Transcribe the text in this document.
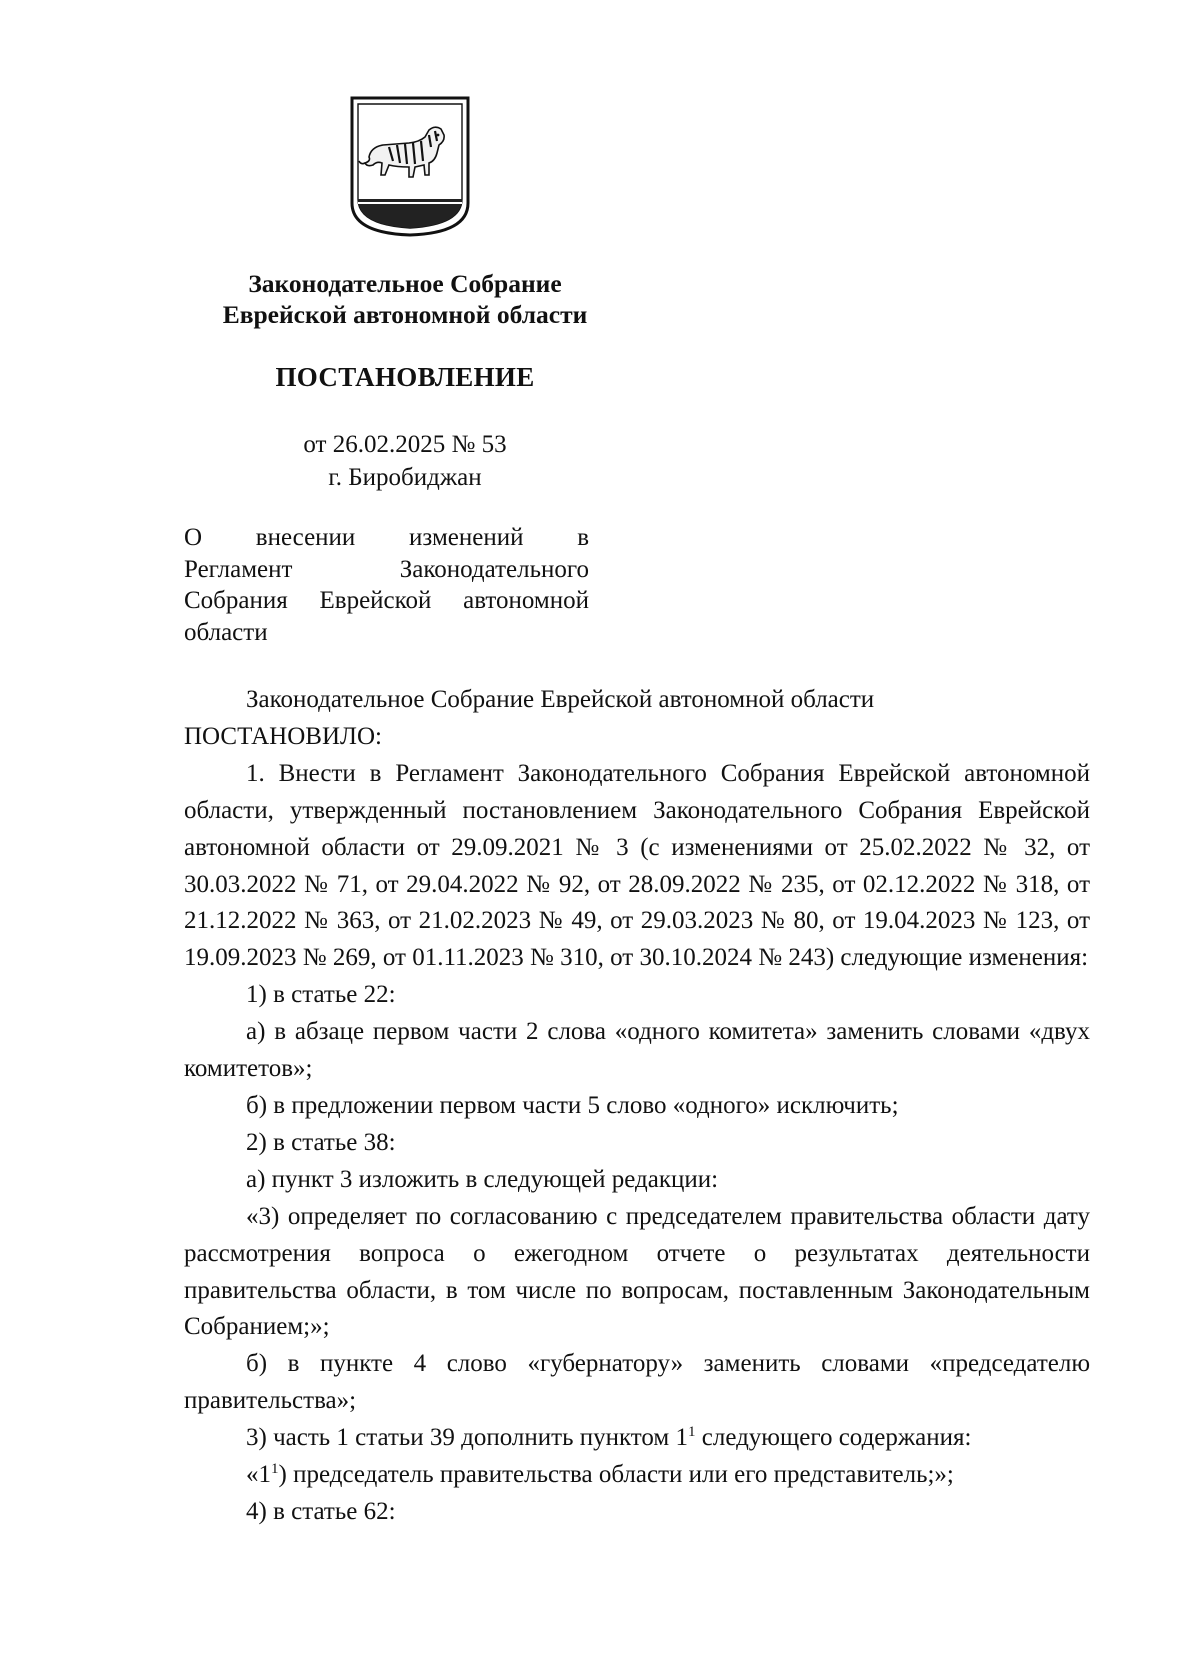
Законодательное Собрание
Еврейской автономной области
ПОСТАНОВЛЕНИЕ
от 26.02.2025 № 53
г. Биробиджан
О внесении изменений в
Регламент Законодательного
Собрания Еврейской автономной
области

Законодательное Собрание Еврейской автономной области

ПОСТАНОВИЛО:

1. Внести в Регламент Законодательного Собрания Еврейской автономной области, утвержденный постановлением Законодательного Собрания Еврейской автономной области от 29.09.2021 № 3 (с изменениями от 25.02.2022 № 32, от 30.03.2022 № 71, от 29.04.2022 № 92, от 28.09.2022 № 235, от 02.12.2022 № 318, от 21.12.2022 № 363, от 21.02.2023 № 49, от 29.03.2023 № 80, от 19.04.2023 № 123, от 19.09.2023 № 269, от 01.11.2023 № 310, от 30.10.2024 № 243) следующие изменения:

1) в статье 22:

а) в абзаце первом части 2 слова «одного комитета» заменить словами «двух комитетов»;

б) в предложении первом части 5 слово «одного» исключить;

2) в статье 38:

а) пункт 3 изложить в следующей редакции:

«3) определяет по согласованию с председателем правительства области дату рассмотрения вопроса о ежегодном отчете о результатах деятельности правительства области, в том числе по вопросам, поставленным Законодательным Собранием;»;

б) в пункте 4 слово «губернатору» заменить словами «председателю правительства»;

3) часть 1 статьи 39 дополнить пунктом $1^1$ следующего содержания:

«$1^1$) председатель правительства области или его представитель;»;

4) в статье 62:
